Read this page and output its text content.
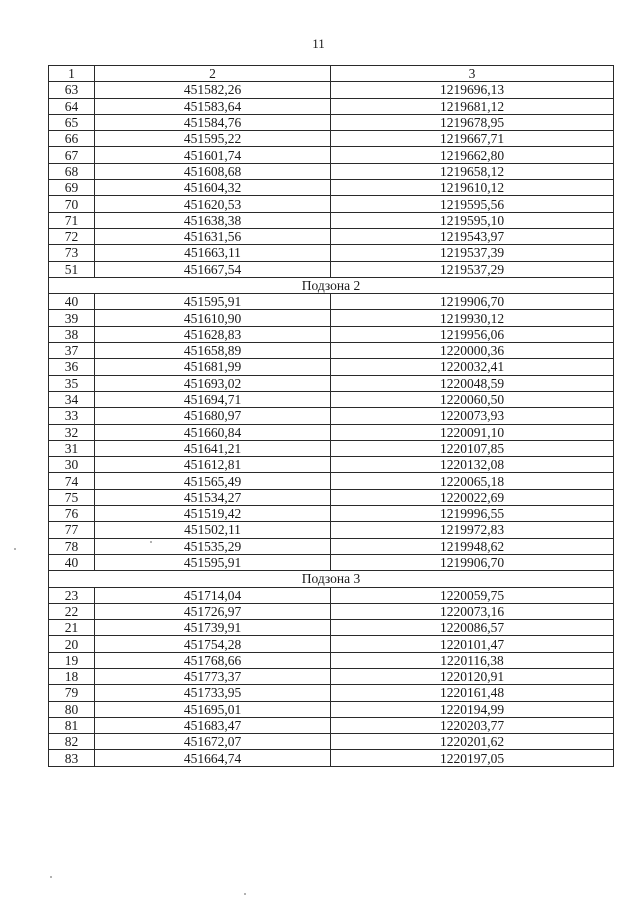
11
1	2	3
63	451582,26	1219696,13
64	451583,64	1219681,12
65	451584,76	1219678,95
66	451595,22	1219667,71
67	451601,74	1219662,80
68	451608,68	1219658,12
69	451604,32	1219610,12
70	451620,53	1219595,56
71	451638,38	1219595,10
72	451631,56	1219543,97
73	451663,11	1219537,39
51	451667,54	1219537,29
Подзона 2		
40	451595,91	1219906,70
39	451610,90	1219930,12
38	451628,83	1219956,06
37	451658,89	1220000,36
36	451681,99	1220032,41
35	451693,02	1220048,59
34	451694,71	1220060,50
33	451680,97	1220073,93
32	451660,84	1220091,10
31	451641,21	1220107,85
30	451612,81	1220132,08
74	451565,49	1220065,18
75	451534,27	1220022,69
76	451519,42	1219996,55
77	451502,11	1219972,83
78	451535,29	1219948,62
40	451595,91	1219906,70
Подзона 3		
23	451714,04	1220059,75
22	451726,97	1220073,16
21	451739,91	1220086,57
20	451754,28	1220101,47
19	451768,66	1220116,38
18	451773,37	1220120,91
79	451733,95	1220161,48
80	451695,01	1220194,99
81	451683,47	1220203,77
82	451672,07	1220201,62
83	451664,74	1220197,05
